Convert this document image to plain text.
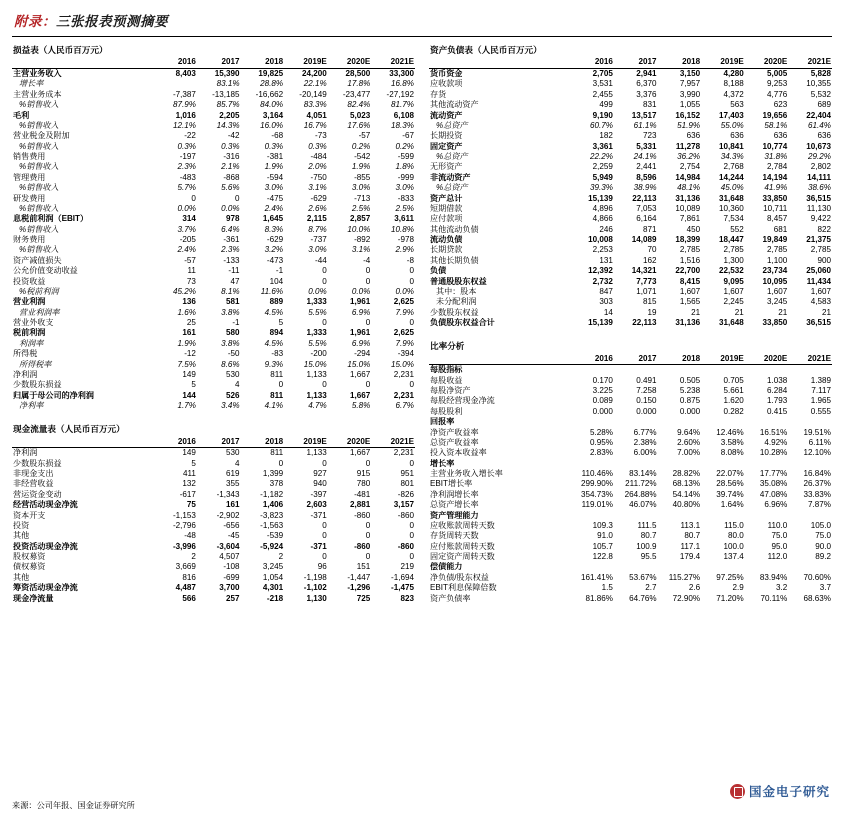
附录：三张报表预测摘要
损益表（人民币百万元）						
	2016	2017	2018	2019E	2020E	2021E
主营业务收入	8,403	15,390	19,825	24,200	28,500	33,300
增长率		83.1%	28.8%	22.1%	17.8%	16.8%
主营业务成本	-7,387	-13,185	-16,662	-20,149	-23,477	-27,192
%销售收入	87.9%	85.7%	84.0%	83.3%	82.4%	81.7%
毛利	1,016	2,205	3,164	4,051	5,023	6,108
%销售收入	12.1%	14.3%	16.0%	16.7%	17.6%	18.3%
营业税金及附加	-22	-42	-68	-73	-57	-67
%销售收入	0.3%	0.3%	0.3%	0.3%	0.2%	0.2%
销售费用	-197	-316	-381	-484	-542	-599
%销售收入	2.3%	2.1%	1.9%	2.0%	1.9%	1.8%
管理费用	-483	-868	-594	-750	-855	-999
%销售收入	5.7%	5.6%	3.0%	3.1%	3.0%	3.0%
研发费用	0	0	-475	-629	-713	-833
%销售收入	0.0%	0.0%	2.4%	2.6%	2.5%	2.5%
息税前利润（EBIT）	314	978	1,645	2,115	2,857	3,611
%销售收入	3.7%	6.4%	8.3%	8.7%	10.0%	10.8%
财务费用	-205	-361	-629	-737	-892	-978
%销售收入	2.4%	2.3%	3.2%	3.0%	3.1%	2.9%
资产减值损失	-57	-133	-473	-44	-4	-8
公允价值变动收益	11	-11	-1	0	0	0
投资收益	73	47	104	0	0	0
%税前利润	45.2%	8.1%	11.6%	0.0%	0.0%	0.0%
营业利润	136	581	889	1,333	1,961	2,625
营业利润率	1.6%	3.8%	4.5%	5.5%	6.9%	7.9%
营业外收支	25	-1	5	0	0	0
税前利润	161	580	894	1,333	1,961	2,625
利润率	1.9%	3.8%	4.5%	5.5%	6.9%	7.9%
所得税	-12	-50	-83	-200	-294	-394
所得税率	7.5%	8.6%	9.3%	15.0%	15.0%	15.0%
净利润	149	530	811	1,133	1,667	2,231
少数股东损益	5	4	0	0	0	0
归属于母公司的净利润	144	526	811	1,133	1,667	2,231
净利率	1.7%	3.4%	4.1%	4.7%	5.8%	6.7%

现金流量表（人民币百万元）						
	2016	2017	2018	2019E	2020E	2021E
净利润	149	530	811	1,133	1,667	2,231
少数股东损益	5	4	0	0	0	0
非现金支出	411	619	1,399	927	915	951
非经营收益	132	355	378	940	780	801
营运资金变动	-617	-1,343	-1,182	-397	-481	-826
经营活动现金净流	75	161	1,406	2,603	2,881	3,157
资本开支	-1,153	-2,902	-3,823	-371	-860	-860
投资	-2,796	-656	-1,563	0	0	0
其他	-48	-45	-539	0	0	0
投资活动现金净流	-3,996	-3,604	-5,924	-371	-860	-860
股权募资	2	4,507	2	0	0	0
债权募资	3,669	-108	3,245	96	151	219
其他	816	-699	1,054	-1,198	-1,447	-1,694
筹资活动现金净流	4,487	3,700	4,301	-1,102	-1,296	-1,475
现金净流量	566	257	-218	1,130	725	823
资产负债表（人民币百万元）						
	2016	2017	2018	2019E	2020E	2021E
货币资金	2,705	2,941	3,150	4,280	5,005	5,828
应收款项	3,531	6,370	7,957	8,188	9,253	10,355
存货	2,455	3,376	3,990	4,372	4,776	5,532
其他流动资产	499	831	1,055	563	623	689
流动资产	9,190	13,517	16,152	17,403	19,656	22,404
%总资产	60.7%	61.1%	51.9%	55.0%	58.1%	61.4%
长期投资	182	723	636	636	636	636
固定资产	3,361	5,331	11,278	10,841	10,774	10,673
%总资产	22.2%	24.1%	36.2%	34.3%	31.8%	29.2%
无形资产	2,259	2,441	2,754	2,768	2,784	2,802
非流动资产	5,949	8,596	14,984	14,244	14,194	14,111
%总资产	39.3%	38.9%	48.1%	45.0%	41.9%	38.6%
资产总计	15,139	22,113	31,136	31,648	33,850	36,515
短期借款	4,896	7,053	10,089	10,360	10,711	11,130
应付款项	4,866	6,164	7,861	7,534	8,457	9,422
其他流动负债	246	871	450	552	681	822
流动负债	10,008	14,089	18,399	18,447	19,849	21,375
长期贷款	2,253	70	2,785	2,785	2,785	2,785
其他长期负债	131	162	1,516	1,300	1,100	900
负债	12,392	14,321	22,700	22,532	23,734	25,060
普通股股东权益	2,732	7,773	8,415	9,095	10,095	11,434
其中：股本	847	1,071	1,607	1,607	1,607	1,607
未分配利润	303	815	1,565	2,245	3,245	4,583
少数股东权益	14	19	21	21	21	21
负债股东权益合计	15,139	22,113	31,136	31,648	33,850	36,515

比率分析						
	2016	2017	2018	2019E	2020E	2021E
每股指标						
每股收益	0.170	0.491	0.505	0.705	1.038	1.389
每股净资产	3.225	7.258	5.238	5.661	6.284	7.117
每股经营现金净流	0.089	0.150	0.875	1.620	1.793	1.965
每股股利	0.000	0.000	0.000	0.282	0.415	0.555
回报率						
净资产收益率	5.28%	6.77%	9.64%	12.46%	16.51%	19.51%
总资产收益率	0.95%	2.38%	2.60%	3.58%	4.92%	6.11%
投入资本收益率	2.83%	6.00%	7.00%	8.08%	10.28%	12.10%
增长率						
主营业务收入增长率	110.46%	83.14%	28.82%	22.07%	17.77%	16.84%
EBIT增长率	299.90%	211.72%	68.13%	28.56%	35.08%	26.37%
净利润增长率	354.73%	264.88%	54.14%	39.74%	47.08%	33.83%
总资产增长率	119.01%	46.07%	40.80%	1.64%	6.96%	7.87%
资产管理能力						
应收账款周转天数	109.3	111.5	113.1	115.0	110.0	105.0
存货周转天数	91.0	80.7	80.7	80.0	75.0	75.0
应付账款周转天数	105.7	100.9	117.1	100.0	95.0	90.0
固定资产周转天数	122.8	95.5	179.4	137.4	112.0	89.2
偿债能力						
净负债/股东权益	161.41%	53.67%	115.27%	97.25%	83.94%	70.60%
EBIT利息保障倍数	1.5	2.7	2.6	2.9	3.2	3.7
资产负债率	81.86%	64.76%	72.90%	71.20%	70.11%	68.63%
来源：公司年报、国金证券研究所
国金电子研究
